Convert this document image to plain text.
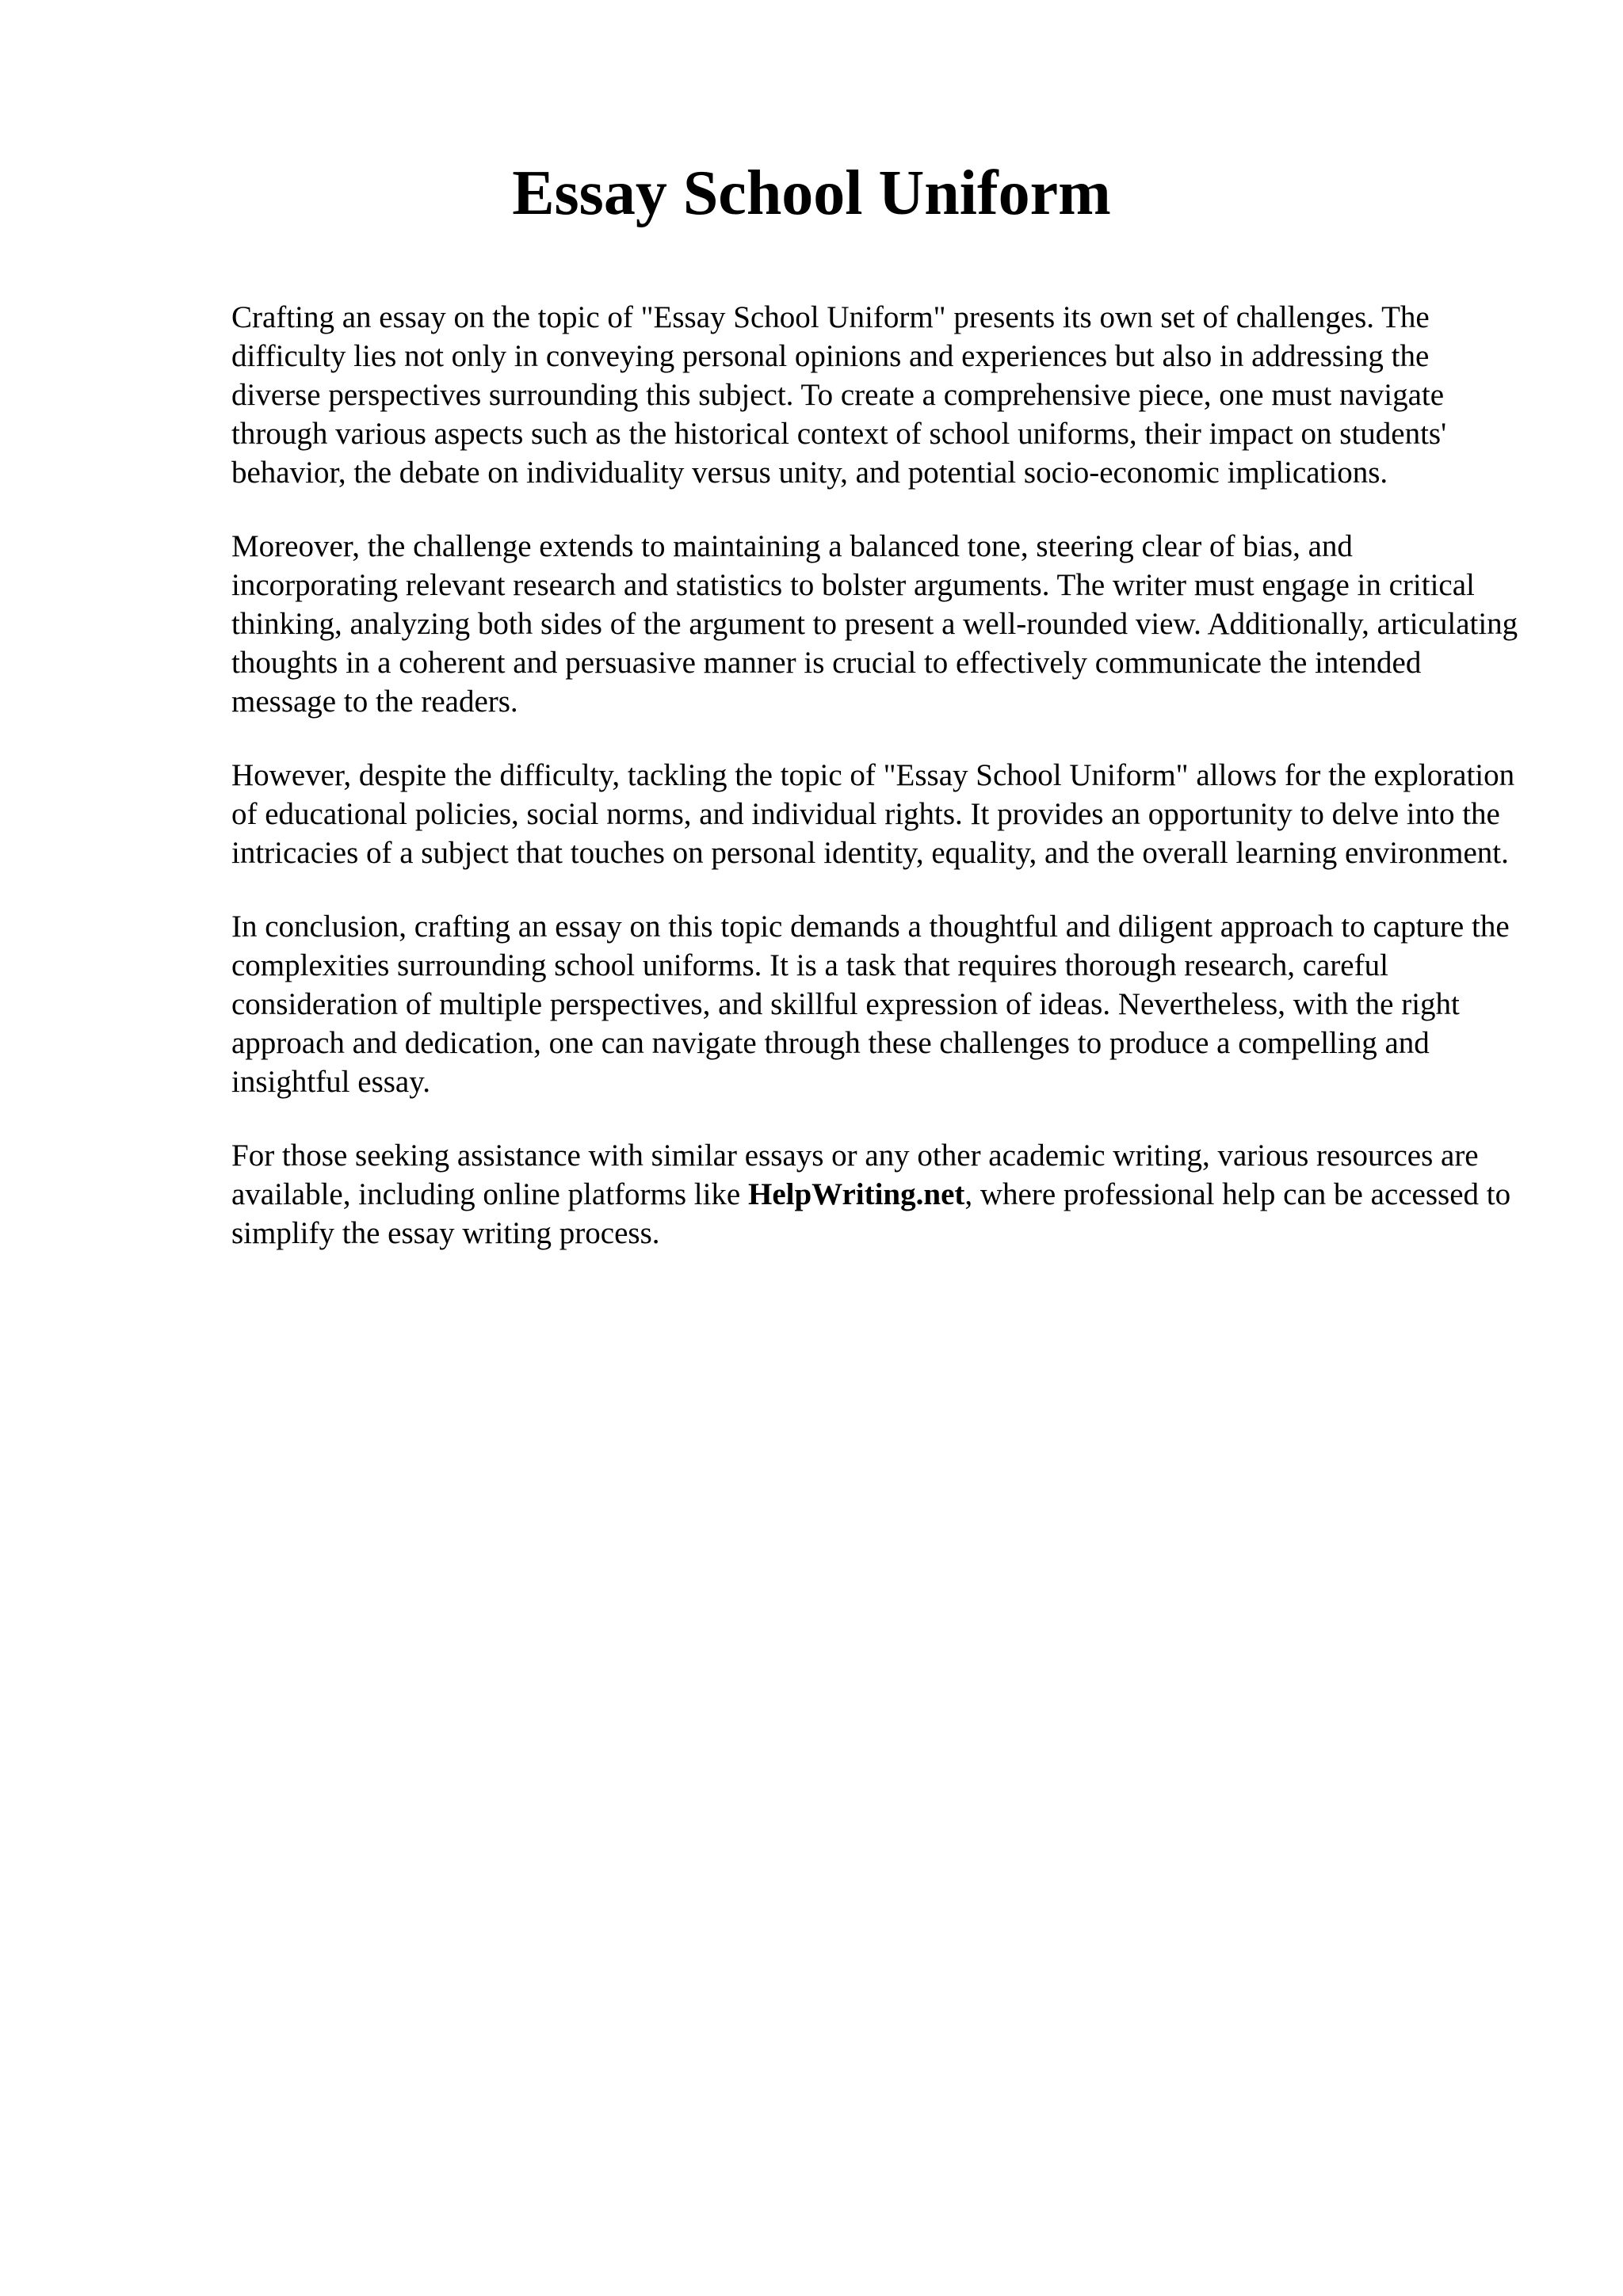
Essay School Uniform

Crafting an essay on the topic of "Essay School Uniform" presents its own set of challenges. The difficulty lies not only in conveying personal opinions and experiences but also in addressing the diverse perspectives surrounding this subject. To create a comprehensive piece, one must navigate through various aspects such as the historical context of school uniforms, their impact on students' behavior, the debate on individuality versus unity, and potential socio-economic implications.

Moreover, the challenge extends to maintaining a balanced tone, steering clear of bias, and incorporating relevant research and statistics to bolster arguments. The writer must engage in critical thinking, analyzing both sides of the argument to present a well-rounded view. Additionally, articulating thoughts in a coherent and persuasive manner is crucial to effectively communicate the intended message to the readers.

However, despite the difficulty, tackling the topic of "Essay School Uniform" allows for the exploration of educational policies, social norms, and individual rights. It provides an opportunity to delve into the intricacies of a subject that touches on personal identity, equality, and the overall learning environment.

In conclusion, crafting an essay on this topic demands a thoughtful and diligent approach to capture the complexities surrounding school uniforms. It is a task that requires thorough research, careful consideration of multiple perspectives, and skillful expression of ideas. Nevertheless, with the right approach and dedication, one can navigate through these challenges to produce a compelling and insightful essay.

For those seeking assistance with similar essays or any other academic writing, various resources are available, including online platforms like HelpWriting.net, where professional help can be accessed to simplify the essay writing process.
